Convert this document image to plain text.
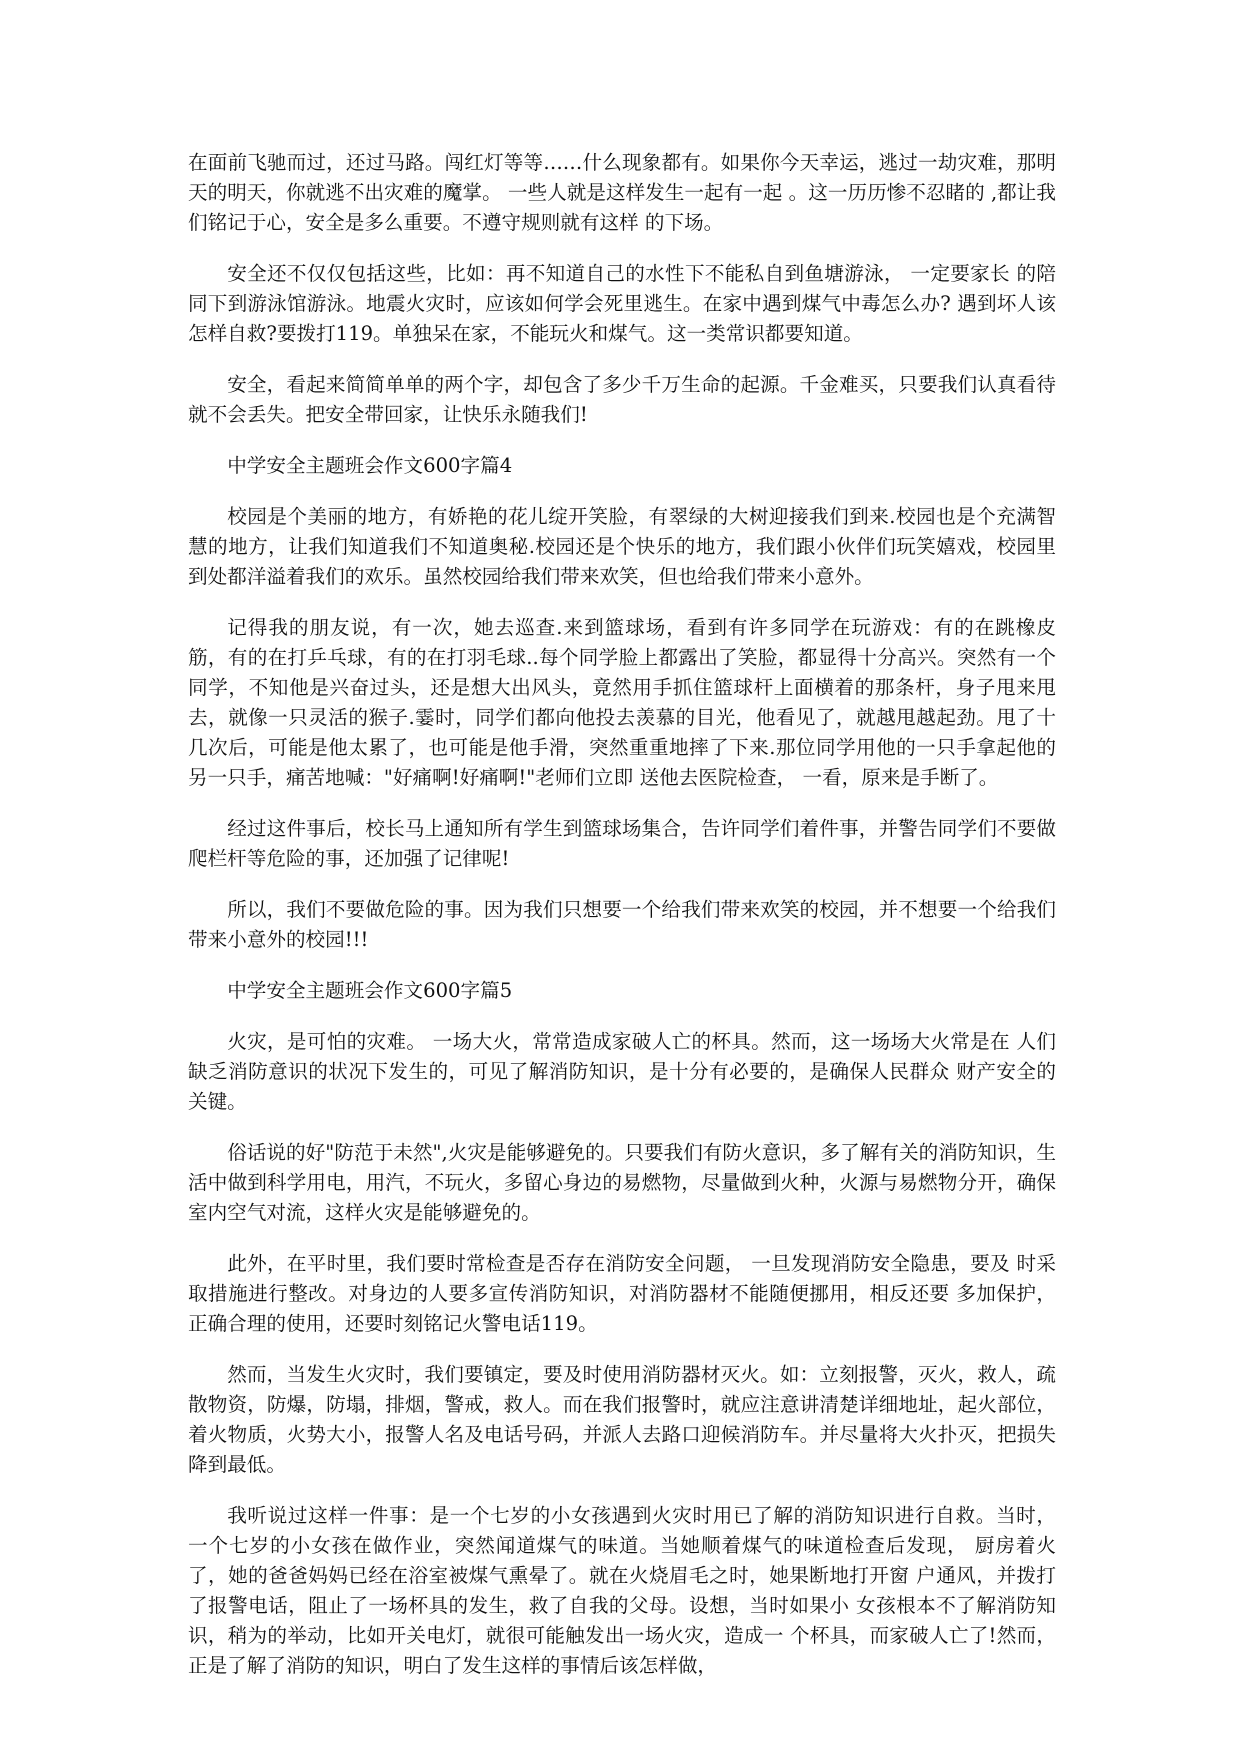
在面前飞驰而过，还过马路。闯红灯等等……什么现象都有。如果你今天幸运，逃过一劫灾难，那明天的明天，你就逃不出灾难的魔掌。 一些人就是这样发生一起有一起 。这一历历惨不忍睹的 ,都让我们铭记于心，安全是多么重要。不遵守规则就有这样 的下场。

安全还不仅仅包括这些，比如：再不知道自己的水性下不能私自到鱼塘游泳， 一定要家长 的陪同下到游泳馆游泳。地震火灾时，应该如何学会死里逃生。在家中遇到煤气中毒怎么办? 遇到坏人该怎样自救?要拨打119。单独呆在家，不能玩火和煤气。这一类常识都要知道。

安全，看起来简简单单的两个字，却包含了多少千万生命的起源。千金难买，只要我们认真看待就不会丢失。把安全带回家，让快乐永随我们!

中学安全主题班会作文600字篇4

校园是个美丽的地方，有娇艳的花儿绽开笑脸，有翠绿的大树迎接我们到来.校园也是个充满智慧的地方，让我们知道我们不知道奥秘.校园还是个快乐的地方，我们跟小伙伴们玩笑嬉戏，校园里到处都洋溢着我们的欢乐。虽然校园给我们带来欢笑，但也给我们带来小意外。

记得我的朋友说，有一次，她去巡查.来到篮球场，看到有许多同学在玩游戏：有的在跳橡皮筋，有的在打乒乓球，有的在打羽毛球..每个同学脸上都露出了笑脸，都显得十分高兴。突然有一个同学，不知他是兴奋过头，还是想大出风头，竟然用手抓住篮球杆上面横着的那条杆，身子甩来甩去，就像一只灵活的猴子.霎时，同学们都向他投去羡慕的目光，他看见了，就越甩越起劲。甩了十几次后，可能是他太累了，也可能是他手滑，突然重重地摔了下来.那位同学用他的一只手拿起他的另一只手，痛苦地喊："好痛啊!好痛啊!"老师们立即 送他去医院检查， 一看，原来是手断了。

经过这件事后，校长马上通知所有学生到篮球场集合，告许同学们着件事，并警告同学们不要做爬栏杆等危险的事，还加强了记律呢!

所以，我们不要做危险的事。因为我们只想要一个给我们带来欢笑的校园，并不想要一个给我们带来小意外的校园!!!

中学安全主题班会作文600字篇5

火灾，是可怕的灾难。 一场大火，常常造成家破人亡的杯具。然而，这一场场大火常是在 人们缺乏消防意识的状况下发生的，可见了解消防知识，是十分有必要的，是确保人民群众 财产安全的关键。

俗话说的好"防范于未然",火灾是能够避免的。只要我们有防火意识，多了解有关的消防知识，生活中做到科学用电，用汽，不玩火，多留心身边的易燃物，尽量做到火种，火源与易燃物分开，确保室内空气对流，这样火灾是能够避免的。

此外，在平时里，我们要时常检查是否存在消防安全问题， 一旦发现消防安全隐患，要及 时采取措施进行整改。对身边的人要多宣传消防知识，对消防器材不能随便挪用，相反还要 多加保护，正确合理的使用，还要时刻铭记火警电话119。

然而，当发生火灾时，我们要镇定，要及时使用消防器材灭火。如：立刻报警，灭火，救人，疏散物资，防爆，防塌，排烟，警戒，救人。而在我们报警时，就应注意讲清楚详细地址，起火部位，着火物质，火势大小，报警人名及电话号码，并派人去路口迎候消防车。并尽量将大火扑灭，把损失降到最低。

我听说过这样一件事：是一个七岁的小女孩遇到火灾时用已了解的消防知识进行自救。当时， 一个七岁的小女孩在做作业，突然闻道煤气的味道。当她顺着煤气的味道检查后发现， 厨房着火了，她的爸爸妈妈已经在浴室被煤气熏晕了。就在火烧眉毛之时，她果断地打开窗 户通风，并拨打了报警电话，阻止了一场杯具的发生，救了自我的父母。设想，当时如果小 女孩根本不了解消防知识，稍为的举动，比如开关电灯，就很可能触发出一场火灾，造成一 个杯具，而家破人亡了!然而，正是了解了消防的知识，明白了发生这样的事情后该怎样做，
